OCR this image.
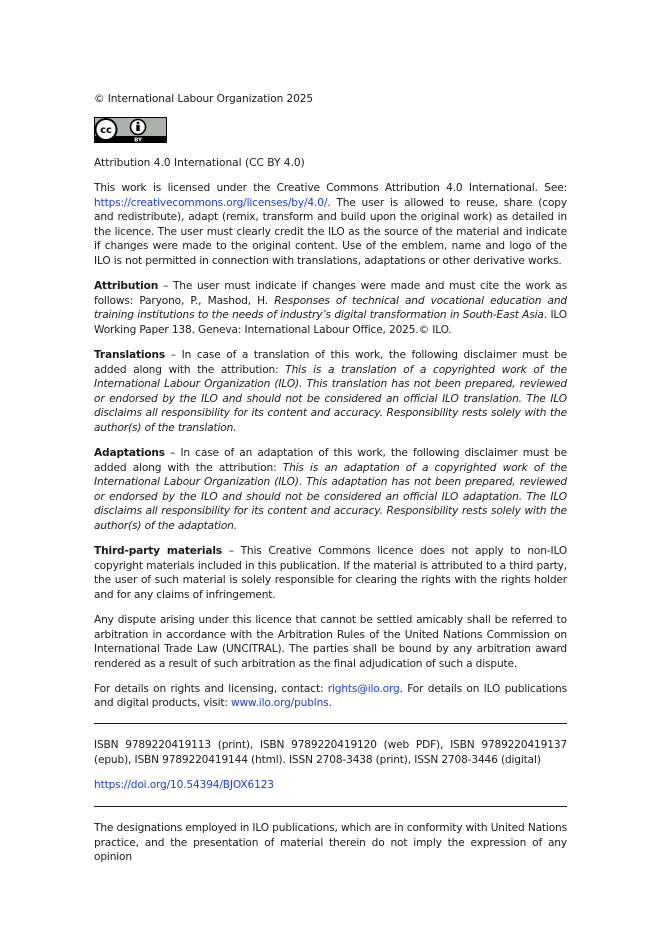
© International Labour Organization 2025

cc
BY

Attribution 4.0 International (CC BY 4.0)

This work is licensed under the Creative Commons Attribution 4.0 International. See: https://creativecommons.org/licenses/by/4.0/. The user is allowed to reuse, share (copy and redistribute), adapt (remix, transform and build upon the original work) as detailed in the licence. The user must clearly credit the ILO as the source of the material and indicate if changes were made to the original content. Use of the emblem, name and logo of the ILO is not permitted in connection with translations, adaptations or other derivative works.

Attribution – The user must indicate if changes were made and must cite the work as follows: Paryono, P., Mashod, H. Responses of technical and vocational education and training institutions to the needs of industry’s digital transformation in South-East Asia. ILO Working Paper 138. Geneva: International Labour Office, 2025.© ILO.

Translations – In case of a translation of this work, the following disclaimer must be added along with the attribution: This is a translation of a copyrighted work of the International Labour Organization (ILO). This translation has not been prepared, reviewed or endorsed by the ILO and should not be considered an official ILO translation. The ILO disclaims all responsibility for its content and accuracy. Responsibility rests solely with the author(s) of the translation.

Adaptations – In case of an adaptation of this work, the following disclaimer must be added along with the attribution: This is an adaptation of a copyrighted work of the International Labour Organization (ILO). This adaptation has not been prepared, reviewed or endorsed by the ILO and should not be considered an official ILO adaptation. The ILO disclaims all responsibility for its content and accuracy. Responsibility rests solely with the author(s) of the adaptation.

Third-party materials – This Creative Commons licence does not apply to non-ILO copyright materials included in this publication. If the material is attributed to a third party, the user of such material is solely responsible for clearing the rights with the rights holder and for any claims of infringement.

Any dispute arising under this licence that cannot be settled amicably shall be referred to arbitration in accordance with the Arbitration Rules of the United Nations Commission on International Trade Law (UNCITRAL). The parties shall be bound by any arbitration award rendered as a result of such arbitration as the final adjudication of such a dispute.

For details on rights and licensing, contact: rights@ilo.org. For details on ILO publications and digital products, visit: www.ilo.org/publns.

ISBN 9789220419113 (print), ISBN 9789220419120 (web PDF), ISBN 9789220419137 (epub), ISBN 9789220419144 (html). ISSN 2708-3438 (print), ISSN 2708-3446 (digital)

https://doi.org/10.54394/BJOX6123

The designations employed in ILO publications, which are in conformity with United Nations practice, and the presentation of material therein do not imply the expression of any opinion
